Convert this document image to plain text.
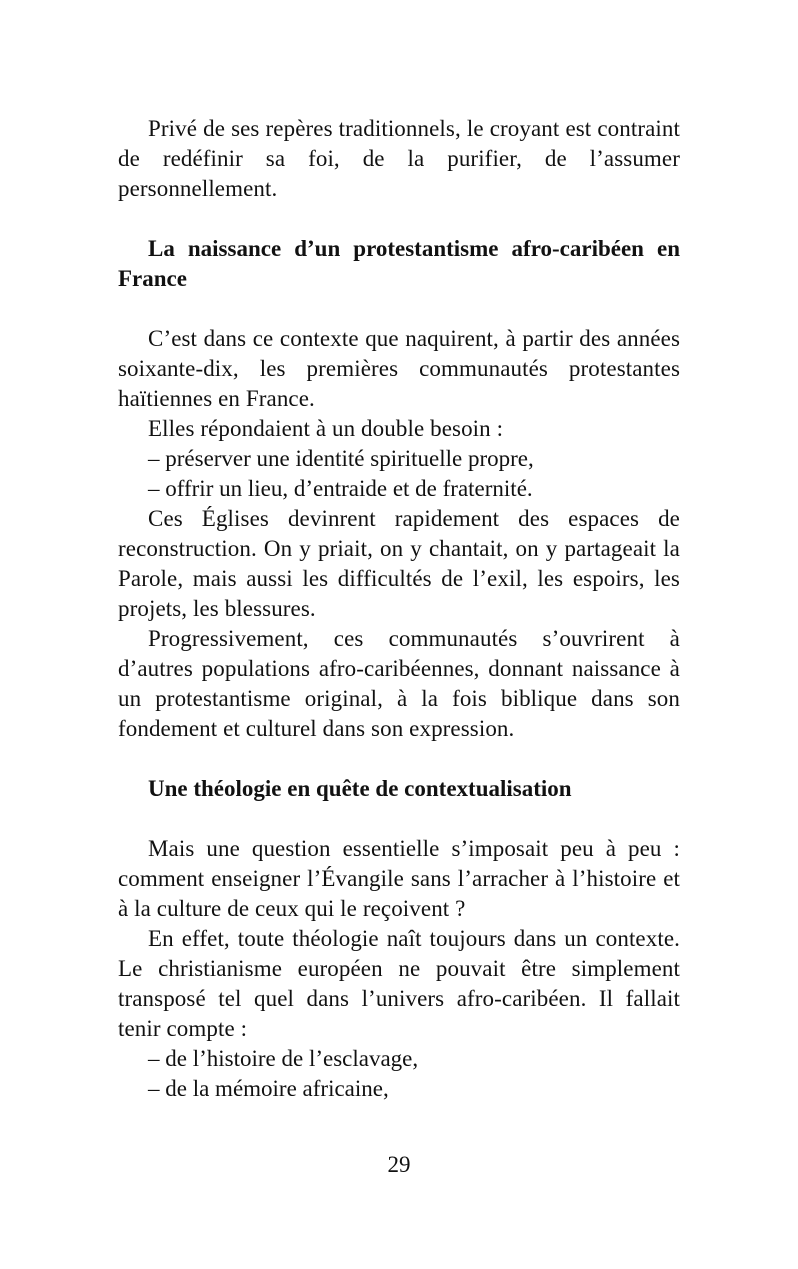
Privé de ses repères traditionnels, le croyant est contraint de redéfinir sa foi, de la purifier, de l’assumer personnellement.

La naissance d’un protestantisme afro-caribéen en France

C’est dans ce contexte que naquirent, à partir des années soixante-dix, les premières communautés protestantes haïtiennes en France.

Elles répondaient à un double besoin :

– préserver une identité spirituelle propre,

– offrir un lieu, d’entraide et de fraternité.

Ces Églises devinrent rapidement des espaces de reconstruction. On y priait, on y chantait, on y partageait la Parole, mais aussi les difficultés de l’exil, les espoirs, les projets, les blessures.

Progressivement, ces communautés s’ouvrirent à d’autres populations afro-caribéennes, donnant naissance à un protestantisme original, à la fois biblique dans son fondement et culturel dans son expression.

Une théologie en quête de contextualisation

Mais une question essentielle s’imposait peu à peu : comment enseigner l’Évangile sans l’arracher à l’histoire et à la culture de ceux qui le reçoivent ?

En effet, toute théologie naît toujours dans un contexte. Le christianisme européen ne pouvait être simplement transposé tel quel dans l’univers afro-caribéen. Il fallait tenir compte :

– de l’histoire de l’esclavage,

– de la mémoire africaine,

29
